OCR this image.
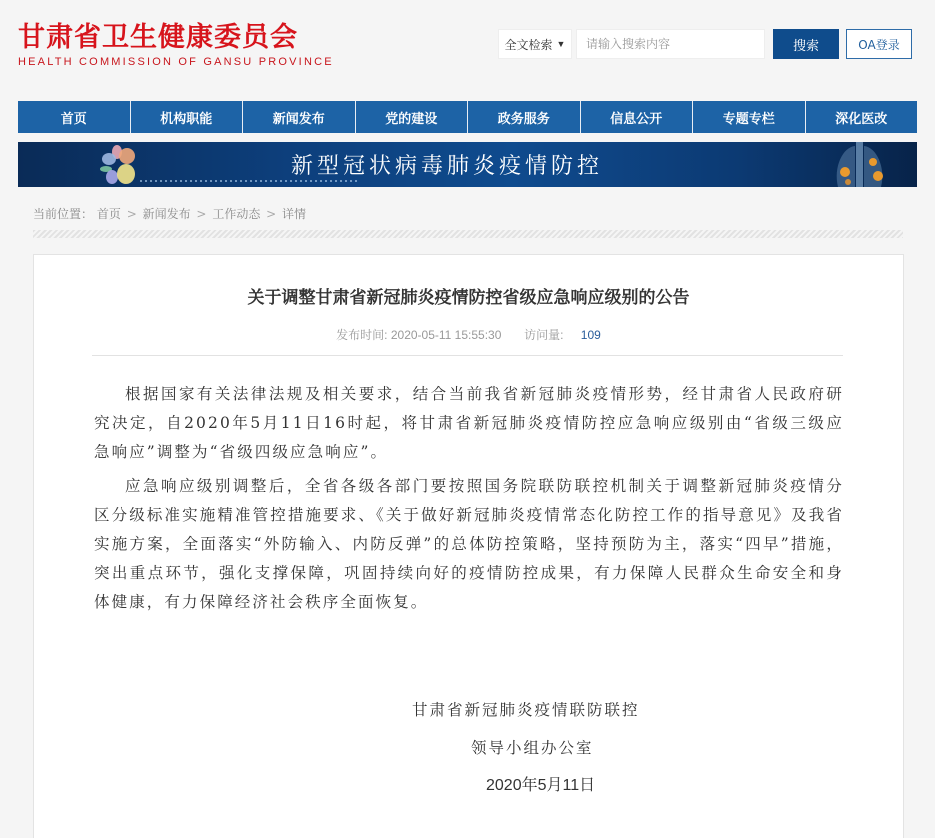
甘肃省卫生健康委员会
HEALTH COMMISSION OF GANSU PROVINCE
全文检索 ▼
请输入搜索内容	搜索	OA登录
首页	机构职能	新闻发布	党的建设	政务服务	信息公开	专题专栏	深化医改
新型冠状病毒肺炎疫情防控
当前位置： 首页 > 新闻发布 > 工作动态 > 详情
关于调整甘肃省新冠肺炎疫情防控省级应急响应级别的公告
发布时间: 2020-05-11 15:55:30 访问量: 109

根据国家有关法律法规及相关要求，结合当前我省新冠肺炎疫情形势，经甘肃省人民政府研究决定，自2020年5月11日16时起，将甘肃省新冠肺炎疫情防控应急响应级别由“省级三级应急响应”调整为“省级四级应急响应”。

应急响应级别调整后，全省各级各部门要按照国务院联防联控机制关于调整新冠肺炎疫情分区分级标准实施精准管控措施要求、《关于做好新冠肺炎疫情常态化防控工作的指导意见》及我省实施方案，全面落实“外防输入、内防反弹”的总体防控策略，坚持预防为主，落实“四早”措施，突出重点环节，强化支撑保障，巩固持续向好的疫情防控成果，有力保障人民群众生命安全和身体健康，有力保障经济社会秩序全面恢复。

甘肃省新冠肺炎疫情联防联控
领导小组办公室
2020年5月11日
